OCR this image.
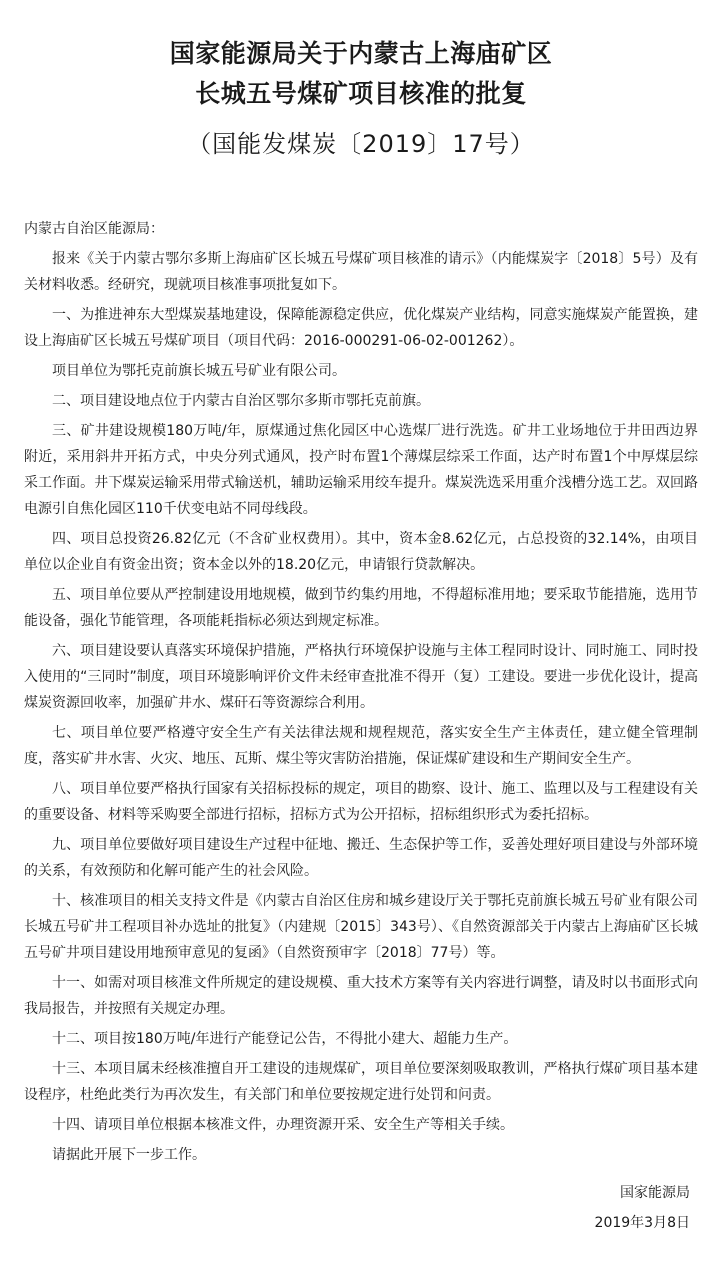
国家能源局关于内蒙古上海庙矿区
长城五号煤矿项目核准的批复
（国能发煤炭〔2019〕17号）

内蒙古自治区能源局：

报来《关于内蒙古鄂尔多斯上海庙矿区长城五号煤矿项目核准的请示》（内能煤炭字〔2018〕5号）及有关材料收悉。经研究，现就项目核准事项批复如下。

一、为推进神东大型煤炭基地建设，保障能源稳定供应，优化煤炭产业结构，同意实施煤炭产能置换，建设上海庙矿区长城五号煤矿项目（项目代码：2016-000291-06-02-001262）。

项目单位为鄂托克前旗长城五号矿业有限公司。

二、项目建设地点位于内蒙古自治区鄂尔多斯市鄂托克前旗。

三、矿井建设规模180万吨/年，原煤通过焦化园区中心选煤厂进行洗选。矿井工业场地位于井田西边界附近，采用斜井开拓方式，中央分列式通风，投产时布置1个薄煤层综采工作面，达产时布置1个中厚煤层综采工作面。井下煤炭运输采用带式输送机，辅助运输采用绞车提升。煤炭洗选采用重介浅槽分选工艺。双回路电源引自焦化园区110千伏变电站不同母线段。

四、项目总投资26.82亿元（不含矿业权费用）。其中，资本金8.62亿元，占总投资的32.14%，由项目单位以企业自有资金出资；资本金以外的18.20亿元，申请银行贷款解决。

五、项目单位要从严控制建设用地规模，做到节约集约用地，不得超标准用地；要采取节能措施，选用节能设备，强化节能管理，各项能耗指标必须达到规定标准。

六、项目建设要认真落实环境保护措施，严格执行环境保护设施与主体工程同时设计、同时施工、同时投入使用的“三同时”制度，项目环境影响评价文件未经审查批准不得开（复）工建设。要进一步优化设计，提高煤炭资源回收率，加强矿井水、煤矸石等资源综合利用。

七、项目单位要严格遵守安全生产有关法律法规和规程规范，落实安全生产主体责任，建立健全管理制度，落实矿井水害、火灾、地压、瓦斯、煤尘等灾害防治措施，保证煤矿建设和生产期间安全生产。

八、项目单位要严格执行国家有关招标投标的规定，项目的勘察、设计、施工、监理以及与工程建设有关的重要设备、材料等采购要全部进行招标，招标方式为公开招标，招标组织形式为委托招标。

九、项目单位要做好项目建设生产过程中征地、搬迁、生态保护等工作，妥善处理好项目建设与外部环境的关系，有效预防和化解可能产生的社会风险。

十、核准项目的相关支持文件是《内蒙古自治区住房和城乡建设厅关于鄂托克前旗长城五号矿业有限公司长城五号矿井工程项目补办选址的批复》（内建规〔2015〕343号）、《自然资源部关于内蒙古上海庙矿区长城五号矿井项目建设用地预审意见的复函》（自然资预审字〔2018〕77号）等。

十一、如需对项目核准文件所规定的建设规模、重大技术方案等有关内容进行调整，请及时以书面形式向我局报告，并按照有关规定办理。

十二、项目按180万吨/年进行产能登记公告，不得批小建大、超能力生产。

十三、本项目属未经核准擅自开工建设的违规煤矿，项目单位要深刻吸取教训，严格执行煤矿项目基本建设程序，杜绝此类行为再次发生，有关部门和单位要按规定进行处罚和问责。

十四、请项目单位根据本核准文件，办理资源开采、安全生产等相关手续。

请据此开展下一步工作。

国家能源局
2019年3月8日
